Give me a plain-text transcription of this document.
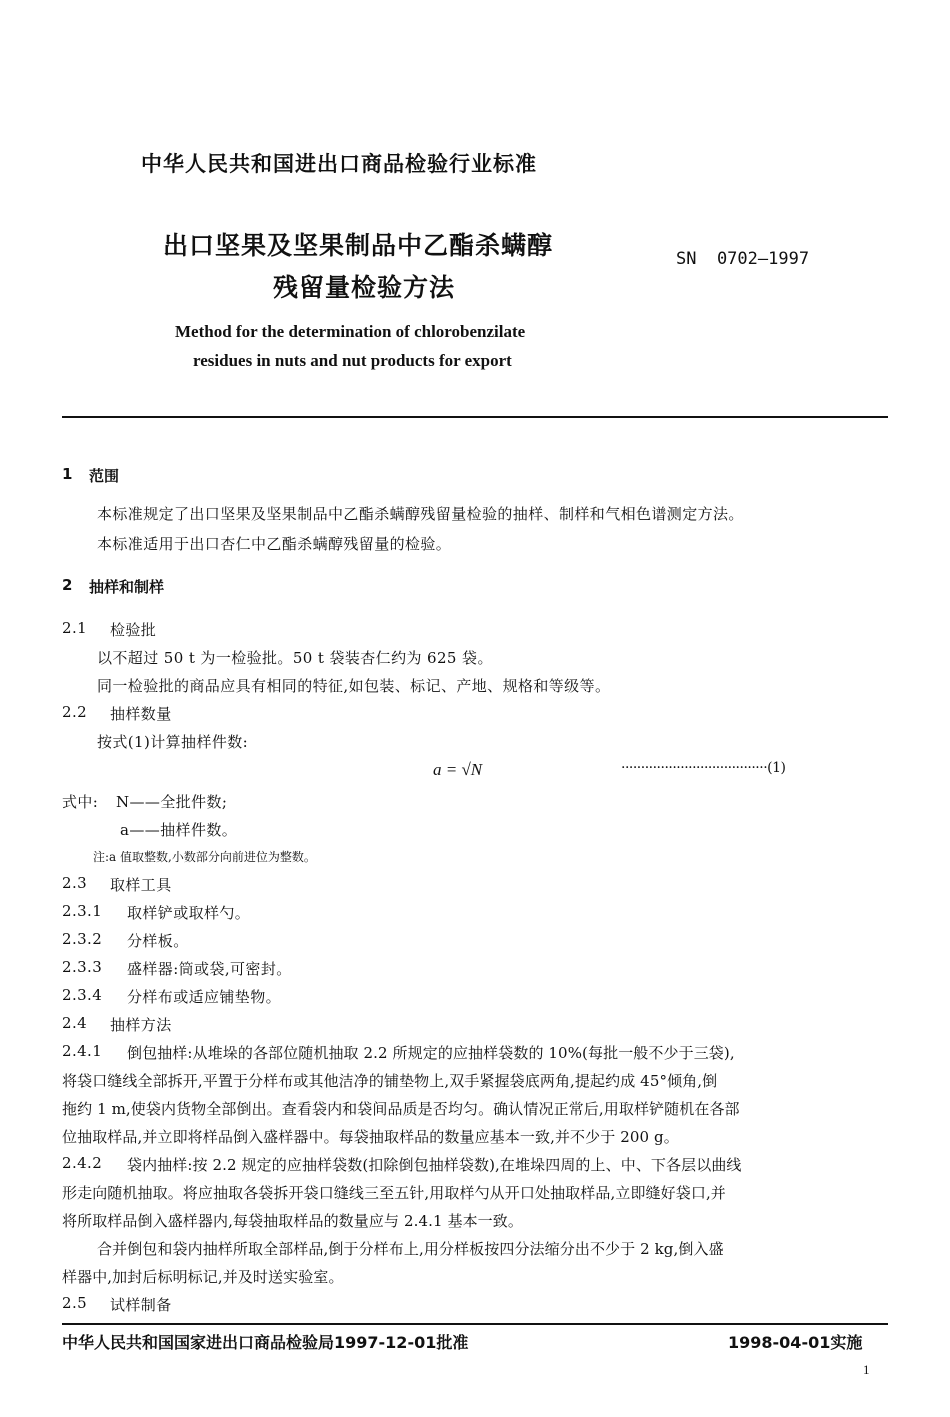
中华人民共和国进出口商品检验行业标准
出口坚果及坚果制品中乙酯杀螨醇
残留量检验方法
SN  0702—1997
Method for the determination of chlorobenzilate
residues in nuts and nut products for export
1 范围
本标准规定了出口坚果及坚果制品中乙酯杀螨醇残留量检验的抽样、制样和气相色谱测定方法。
本标准适用于出口杏仁中乙酯杀螨醇残留量的检验。
2 抽样和制样
2.1 检验批
以不超过 50 t 为一检验批。50 t 袋装杏仁约为 625 袋。
同一检验批的商品应具有相同的特征,如包装、标记、产地、规格和等级等。
2.2 抽样数量
按式(1)计算抽样件数:
a = √N	·····································(1)
式中: N——全批件数;
a——抽样件数。
注:a 值取整数,小数部分向前进位为整数。
2.3 取样工具
2.3.1 取样铲或取样勺。
2.3.2 分样板。
2.3.3 盛样器:筒或袋,可密封。
2.3.4 分样布或适应铺垫物。
2.4 抽样方法
2.4.1 倒包抽样:从堆垛的各部位随机抽取 2.2 所规定的应抽样袋数的 10%(每批一般不少于三袋),
将袋口缝线全部拆开,平置于分样布或其他洁净的铺垫物上,双手紧握袋底两角,提起约成 45°倾角,倒
拖约 1 m,使袋内货物全部倒出。查看袋内和袋间品质是否均匀。确认情况正常后,用取样铲随机在各部
位抽取样品,并立即将样品倒入盛样器中。每袋抽取样品的数量应基本一致,并不少于 200 g。
2.4.2 袋内抽样:按 2.2 规定的应抽样袋数(扣除倒包抽样袋数),在堆垛四周的上、中、下各层以曲线
形走向随机抽取。将应抽取各袋拆开袋口缝线三至五针,用取样勺从开口处抽取样品,立即缝好袋口,并
将所取样品倒入盛样器内,每袋抽取样品的数量应与 2.4.1 基本一致。
合并倒包和袋内抽样所取全部样品,倒于分样布上,用分样板按四分法缩分出不少于 2 kg,倒入盛
样器中,加封后标明标记,并及时送实验室。
2.5 试样制备
中华人民共和国国家进出口商品检验局1997-12-01批准	1998-04-01实施
1
